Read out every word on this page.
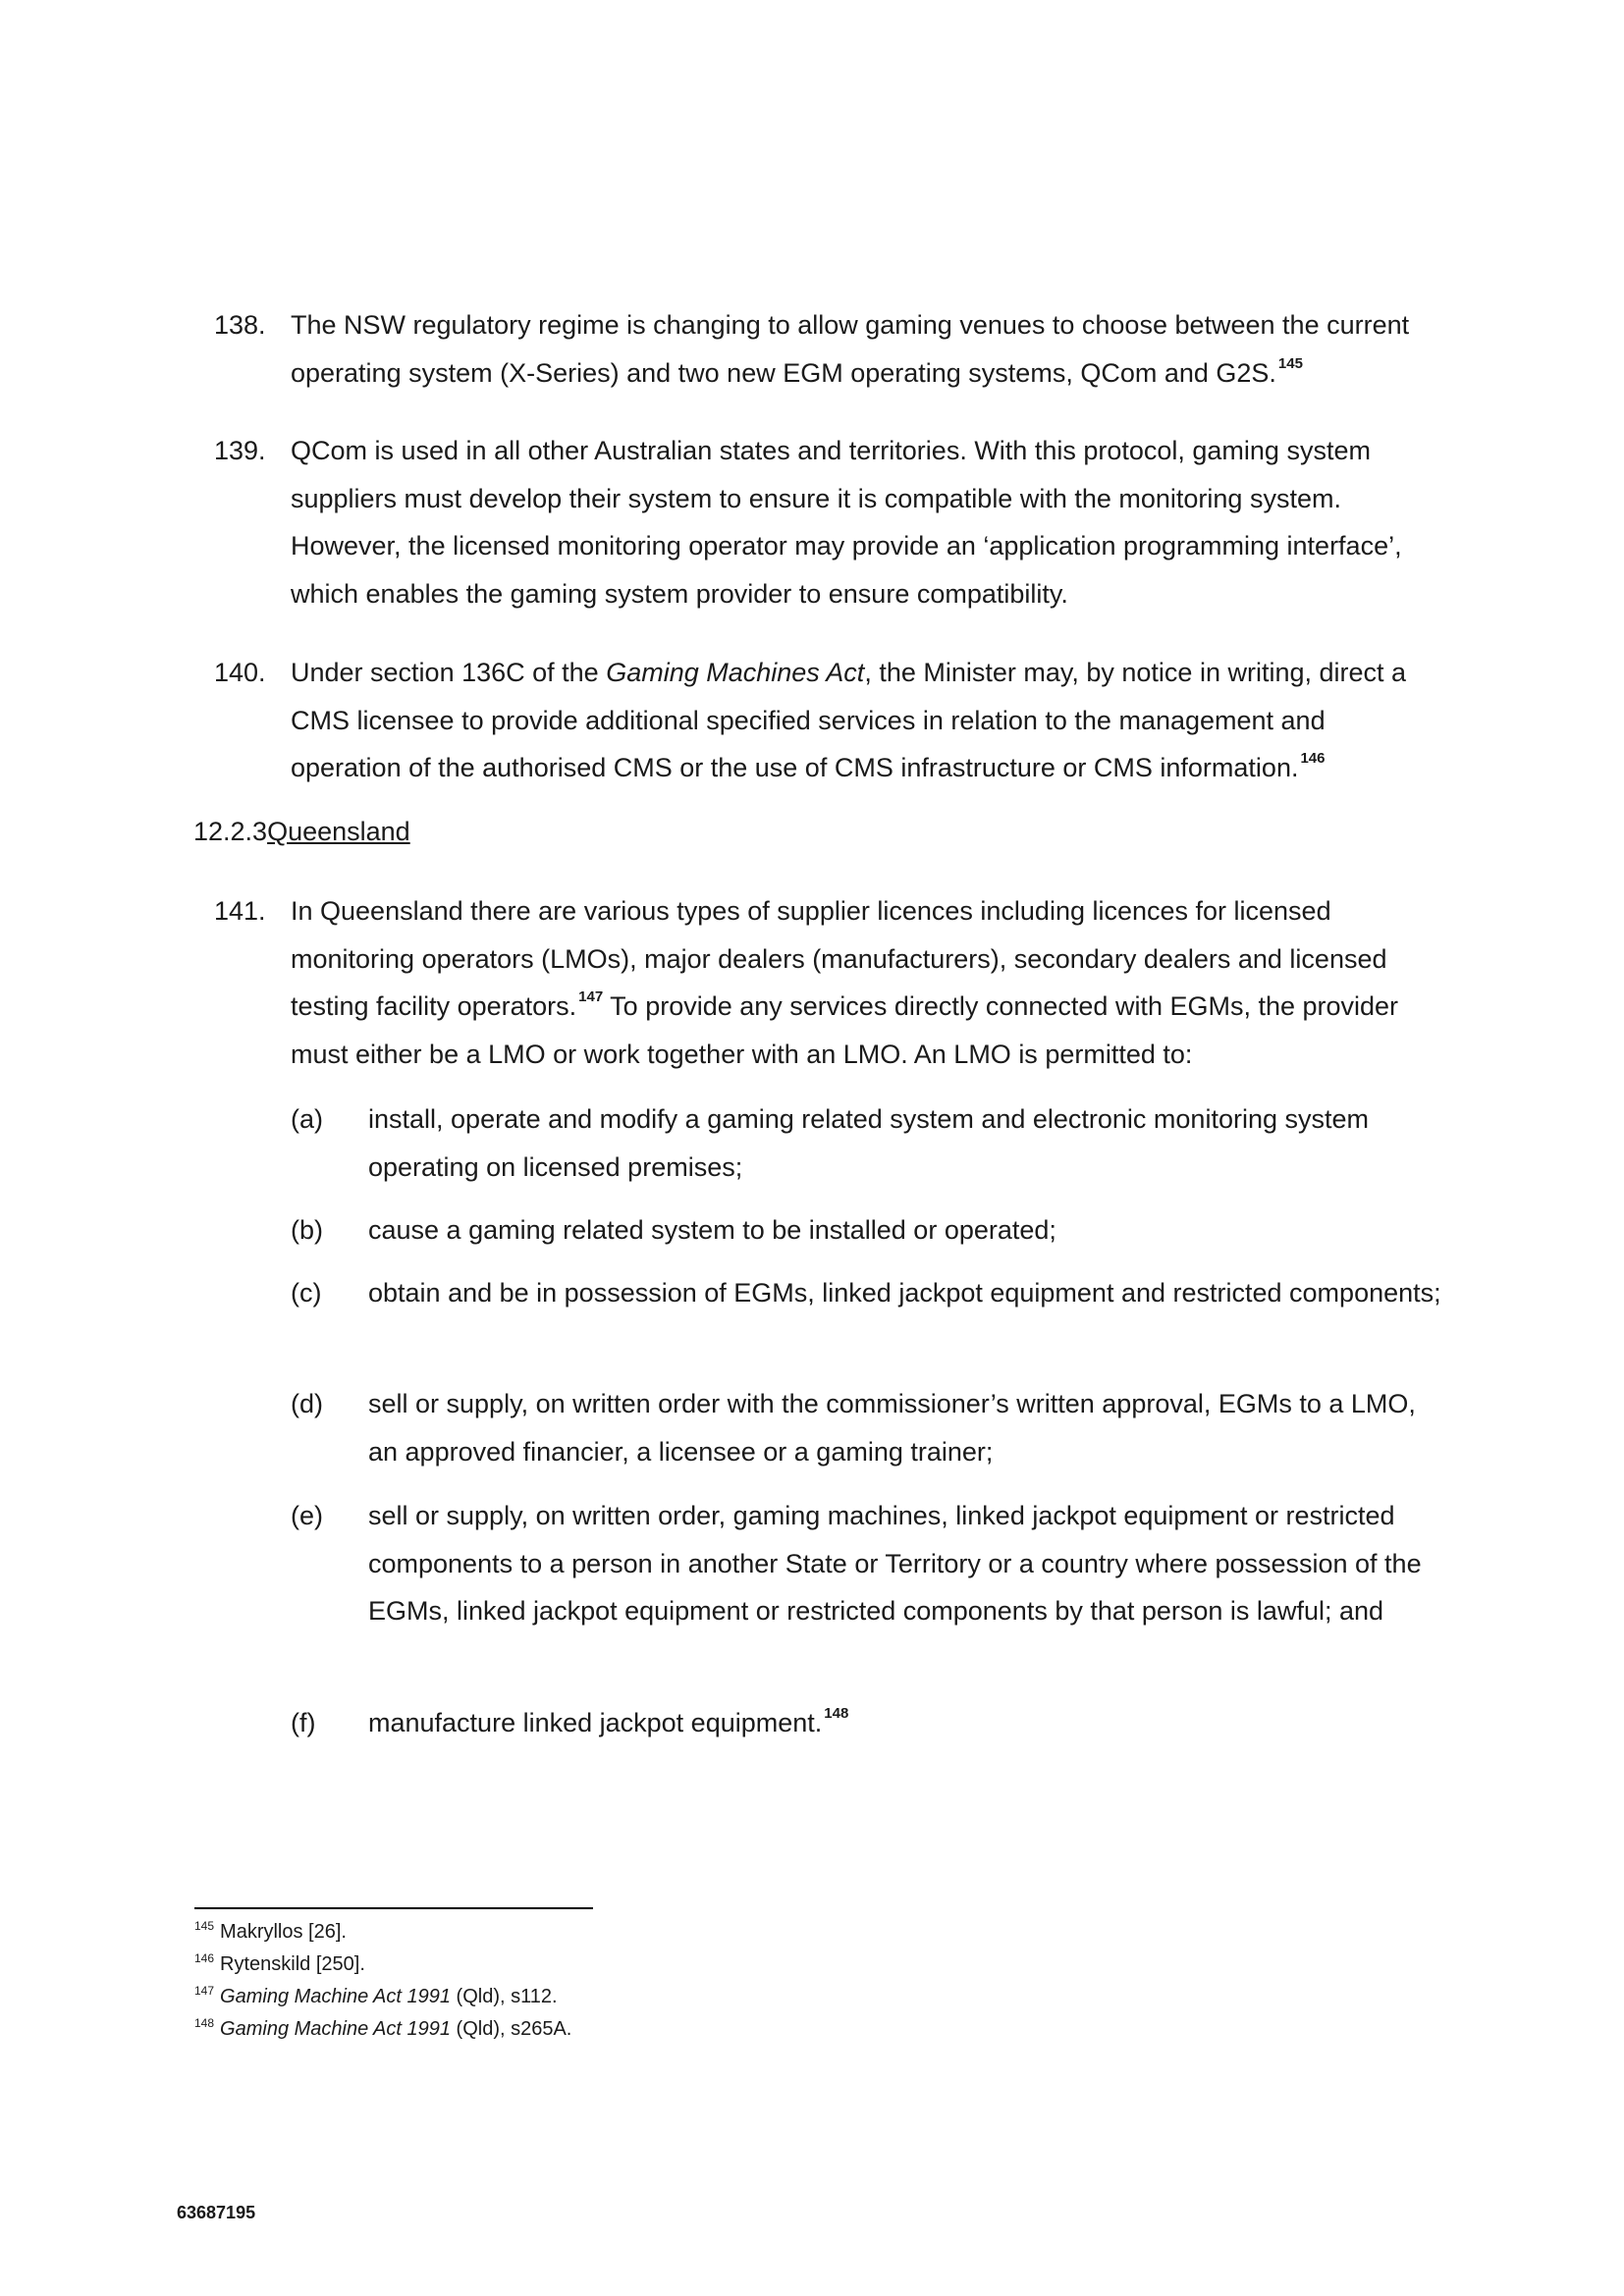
138. The NSW regulatory regime is changing to allow gaming venues to choose between the current operating system (X-Series) and two new EGM operating systems, QCom and G2S. $^{145}$
139. QCom is used in all other Australian states and territories. With this protocol, gaming system suppliers must develop their system to ensure it is compatible with the monitoring system. However, the licensed monitoring operator may provide an ‘application programming interface’, which enables the gaming system provider to ensure compatibility.
140. Under section 136C of the Gaming Machines Act, the Minister may, by notice in writing, direct a CMS licensee to provide additional specified services in relation to the management and operation of the authorised CMS or the use of CMS infrastructure or CMS information. $^{146}$
12.2.3Queensland
141. In Queensland there are various types of supplier licences including licences for licensed monitoring operators (LMOs), major dealers (manufacturers), secondary dealers and licensed testing facility operators. $^{147}$ To provide any services directly connected with EGMs, the provider must either be a LMO or work together with an LMO. An LMO is permitted to:
(a) install, operate and modify a gaming related system and electronic monitoring system operating on licensed premises;
(b) cause a gaming related system to be installed or operated;
(c) obtain and be in possession of EGMs, linked jackpot equipment and restricted components;
(d) sell or supply, on written order with the commissioner’s written approval, EGMs to a LMO, an approved financier, a licensee or a gaming trainer;
(e) sell or supply, on written order, gaming machines, linked jackpot equipment or restricted components to a person in another State or Territory or a country where possession of the EGMs, linked jackpot equipment or restricted components by that person is lawful; and
(f) manufacture linked jackpot equipment. $^{148}$
$^{145}$ Makryllos [26].
$^{146}$ Rytenskild [250].
$^{147}$ Gaming Machine Act 1991 (Qld), s112.
$^{148}$ Gaming Machine Act 1991 (Qld), s265A.
63687195
